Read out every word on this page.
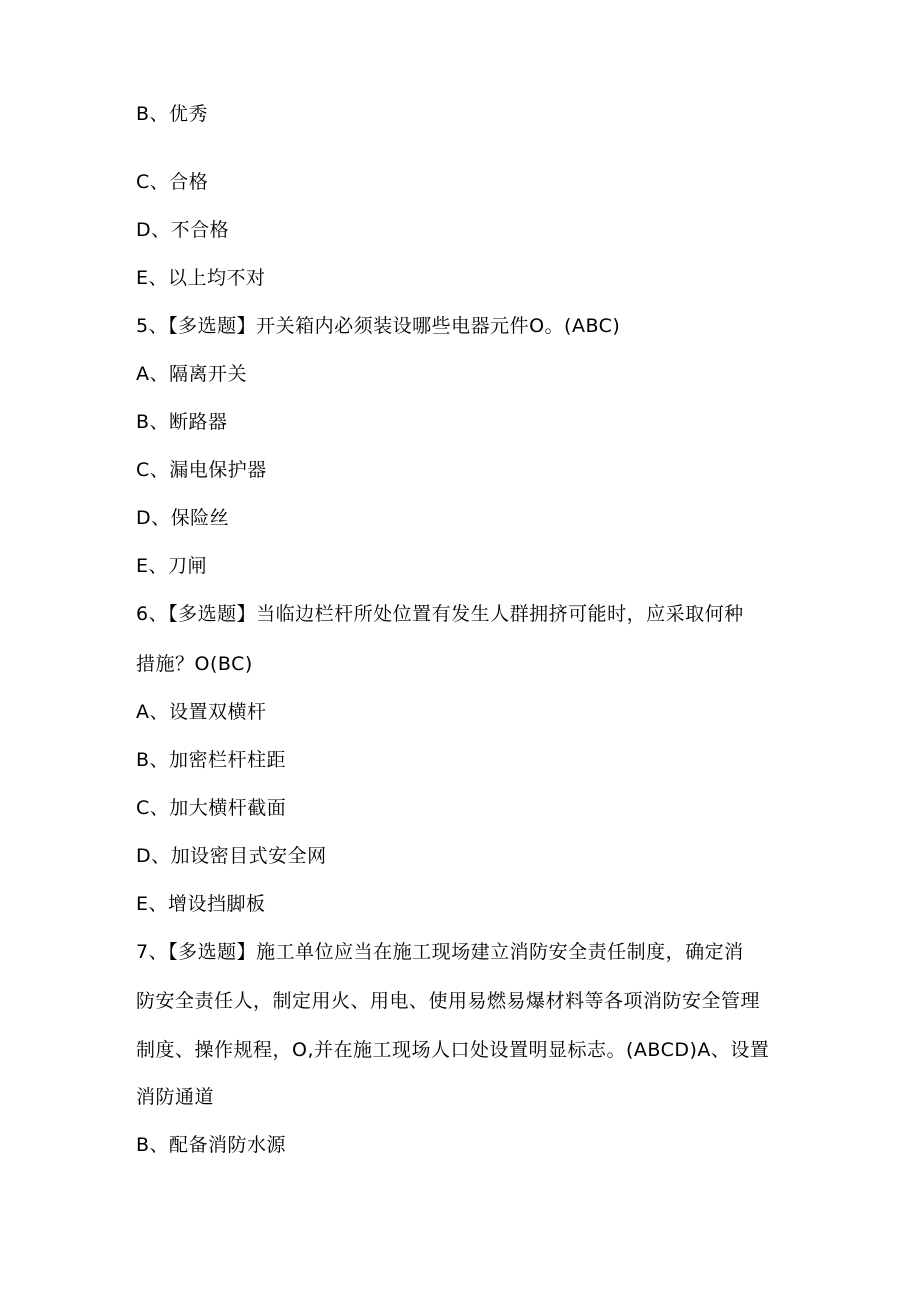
B、优秀
C、合格
D、不合格
E、以上均不对
5、【多选题】开关箱内必须装设哪些电器元件O。(ABC)
A、隔离开关
B、断路器
C、漏电保护器
D、保险丝
E、刀闸
6、【多选题】当临边栏杆所处位置有发生人群拥挤可能时，应采取何种
措施？O(BC)
A、设置双横杆
B、加密栏杆柱距
C、加大横杆截面
D、加设密目式安全网
E、增设挡脚板
7、【多选题】施工单位应当在施工现场建立消防安全责任制度，确定消
防安全责任人，制定用火、用电、使用易燃易爆材料等各项消防安全管理
制度、操作规程，O,并在施工现场人口处设置明显标志。(ABCD)A、设置
消防通道
B、配备消防水源
